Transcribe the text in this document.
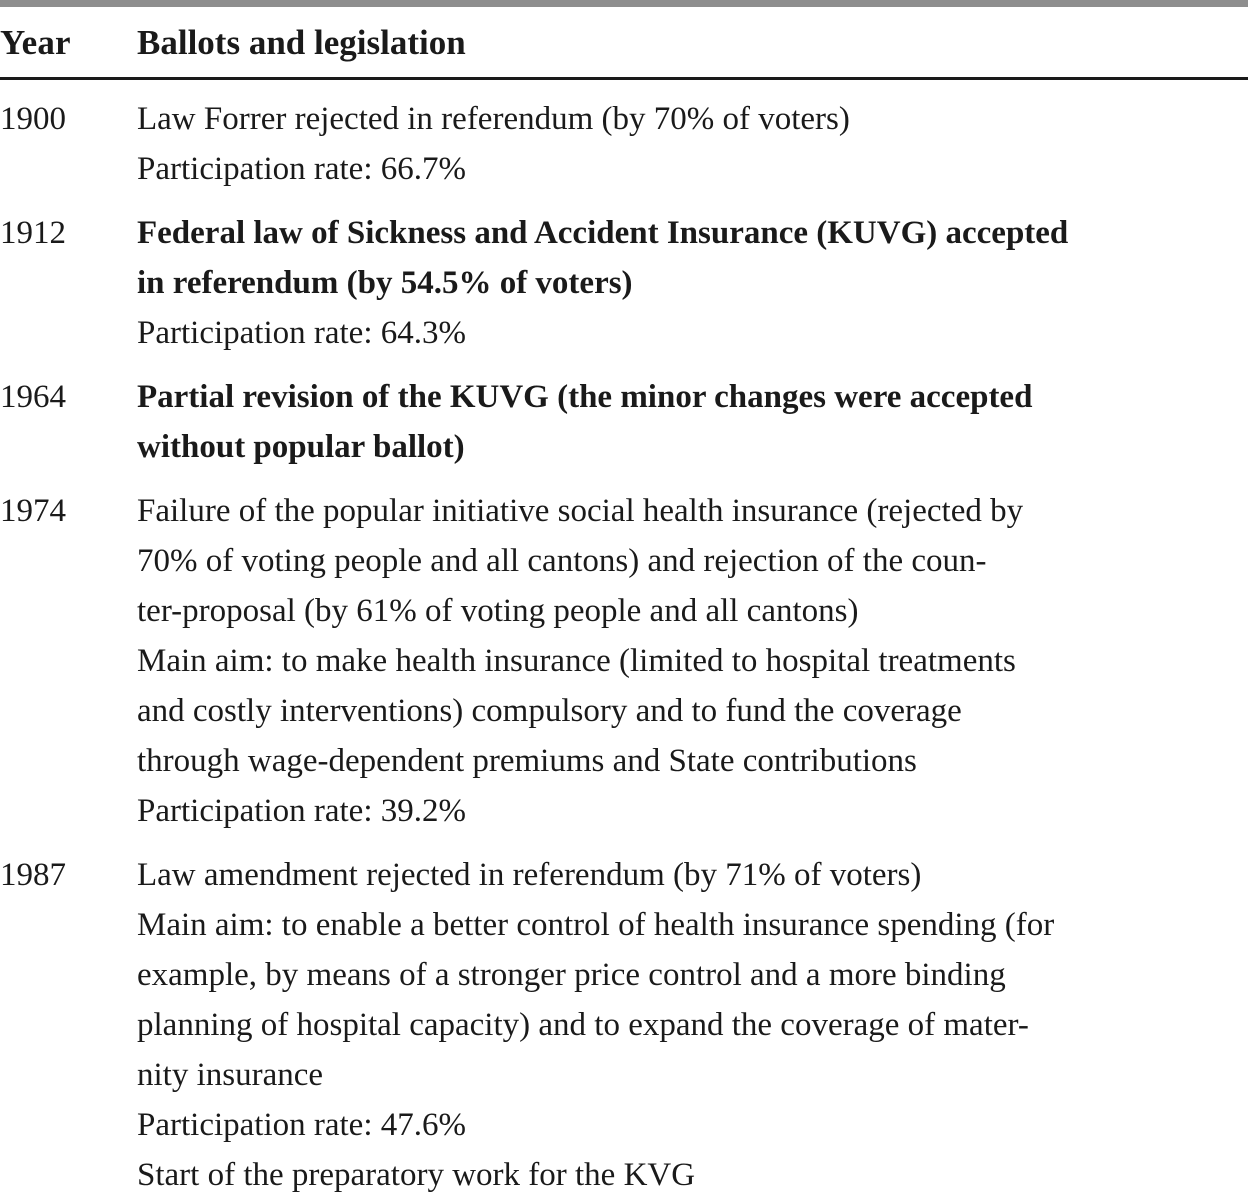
Year Ballots and legislation
1900 Law Forrer rejected in referendum (by 70% of voters)
Participation rate: 66.7%
1912 Federal law of Sickness and Accident Insurance (KUVG) accepted
in referendum (by 54.5% of voters)
Participation rate: 64.3%
1964 Partial revision of the KUVG (the minor changes were accepted
without popular ballot)
1974 Failure of the popular initiative social health insurance (rejected by
70% of voting people and all cantons) and rejection of the coun-
ter-proposal (by 61% of voting people and all cantons)
Main aim: to make health insurance (limited to hospital treatments
and costly interventions) compulsory and to fund the coverage
through wage-dependent premiums and State contributions
Participation rate: 39.2%
1987 Law amendment rejected in referendum (by 71% of voters)
Main aim: to enable a better control of health insurance spending (for
example, by means of a stronger price control and a more binding
planning of hospital capacity) and to expand the coverage of mater-
nity insurance
Participation rate: 47.6%
Start of the preparatory work for the KVG
